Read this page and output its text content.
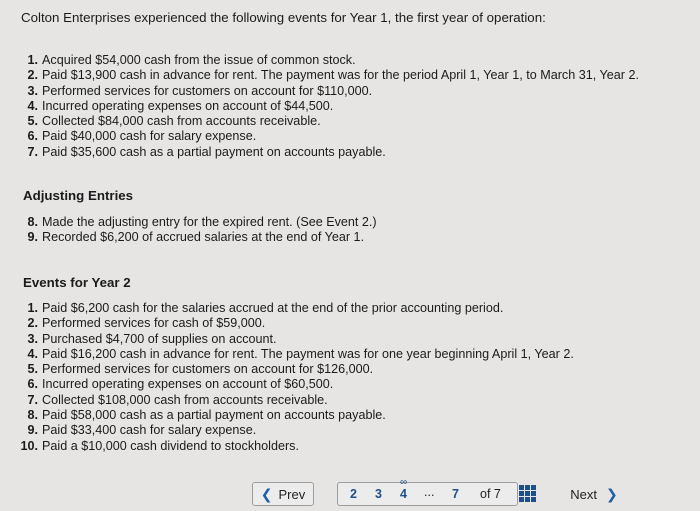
Colton Enterprises experienced the following events for Year 1, the first year of operation:
1. Acquired $54,000 cash from the issue of common stock.
2. Paid $13,900 cash in advance for rent. The payment was for the period April 1, Year 1, to March 31, Year 2.
3. Performed services for customers on account for $110,000.
4. Incurred operating expenses on account of $44,500.
5. Collected $84,000 cash from accounts receivable.
6. Paid $40,000 cash for salary expense.
7. Paid $35,600 cash as a partial payment on accounts payable.
Adjusting Entries
8. Made the adjusting entry for the expired rent. (See Event 2.)
9. Recorded $6,200 of accrued salaries at the end of Year 1.
Events for Year 2
1. Paid $6,200 cash for the salaries accrued at the end of the prior accounting period.
2. Performed services for cash of $59,000.
3. Purchased $4,700 of supplies on account.
4. Paid $16,200 cash in advance for rent. The payment was for one year beginning April 1, Year 2.
5. Performed services for customers on account for $126,000.
6. Incurred operating expenses on account of $60,500.
7. Collected $108,000 cash from accounts receivable.
8. Paid $58,000 cash as a partial payment on accounts payable.
9. Paid $33,400 cash for salary expense.
10. Paid a $10,000 cash dividend to stockholders.
❮ Prev	2 3 4
∞
... 7 of 7	Next ❯
